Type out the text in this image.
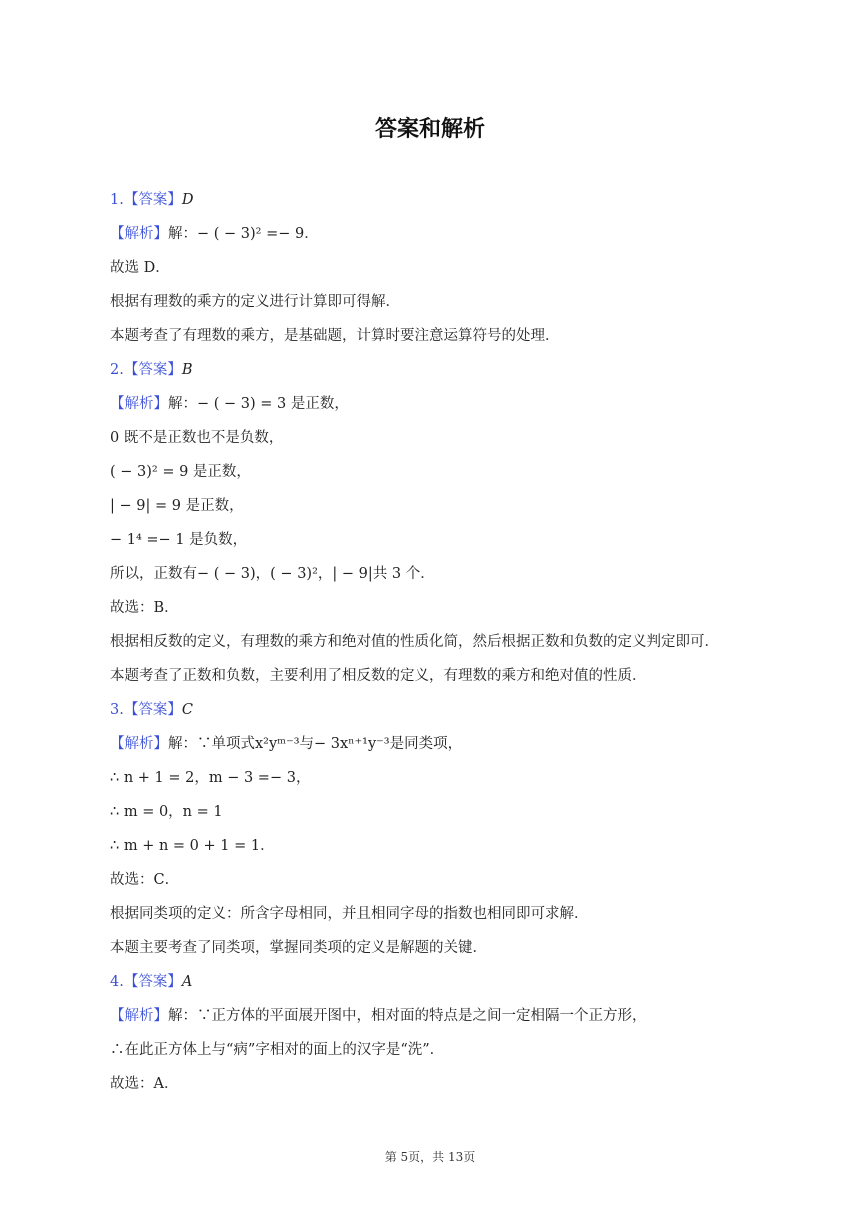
答案和解析
1.【答案】D
【解析】解：− ( − 3)² =− 9．
故选 D．
根据有理数的乘方的定义进行计算即可得解．
本题考查了有理数的乘方，是基础题，计算时要注意运算符号的处理．
2.【答案】B
【解析】解：− ( − 3) = 3 是正数，
0 既不是正数也不是负数，
( − 3)² = 9 是正数，
| − 9| = 9 是正数，
− 1⁴ =− 1 是负数，
所以，正数有− ( − 3)，( − 3)²，| − 9|共 3 个．
故选：B．
根据相反数的定义，有理数的乘方和绝对值的性质化简，然后根据正数和负数的定义判定即可．
本题考查了正数和负数，主要利用了相反数的定义，有理数的乘方和绝对值的性质．
3.【答案】C
【解析】解：∵单项式x²yᵐ⁻³与− 3xⁿ⁺¹y⁻³是同类项，
∴ n + 1 = 2，m − 3 =− 3，
∴ m = 0，n = 1
∴ m + n = 0 + 1 = 1．
故选：C．
根据同类项的定义：所含字母相同，并且相同字母的指数也相同即可求解．
本题主要考查了同类项，掌握同类项的定义是解题的关键．
4.【答案】A
【解析】解：∵正方体的平面展开图中，相对面的特点是之间一定相隔一个正方形，
∴在此正方体上与“病”字相对的面上的汉字是“洗”．
故选：A．
第 5页，共 13页
